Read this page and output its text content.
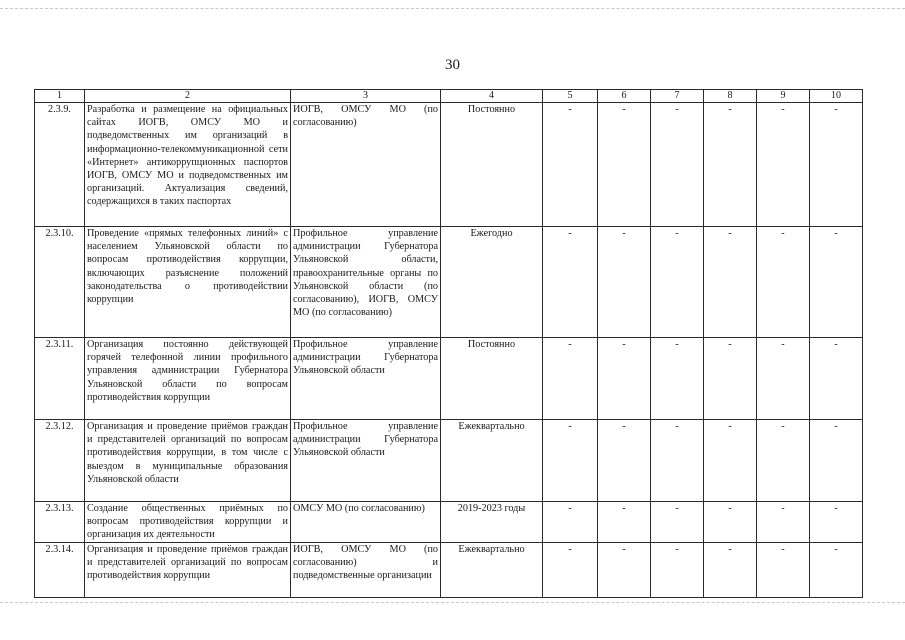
30
1	2	3	4	5	6	7	8	9	10
2.3.9.	Разработка и размещение на официальных сайтах ИОГВ, ОМСУ МО и подведомственных им организаций в информационно-телекоммуникационной сети «Интернет» антикоррупционных паспортов ИОГВ, ОМСУ МО и подведомственных им организаций. Актуализация сведений, содержащихся в таких паспортах	ИОГВ, ОМСУ МО (по согласованию)	Постоянно	-	-	-	-	-	-
2.3.10.	Проведение «прямых телефонных линий» с населением Ульяновской области по вопросам противодействия коррупции, включающих разъяснение положений законодательства о противодействии коррупции	Профильное управление администрации Губернатора Ульяновской области, правоохранительные органы по Ульяновской области (по согласованию), ИОГВ, ОМСУ МО (по согласованию)	Ежегодно	-	-	-	-	-	-
2.3.11.	Организация постоянно действующей горячей телефонной линии профильного управления администрации Губернатора Ульяновской области по вопросам противодействия коррупции	Профильное управление администрации Губернатора Ульяновской области	Постоянно	-	-	-	-	-	-
2.3.12.	Организация и проведение приёмов граждан и представителей организаций по вопросам противодействия коррупции, в том числе с выездом в муниципальные образования Ульяновской области	Профильное управление администрации Губернатора Ульяновской области	Ежеквартально	-	-	-	-	-	-
2.3.13.	Создание общественных приёмных по вопросам противодействия коррупции и организация их деятельности	ОМСУ МО (по согласованию)	2019-2023 годы	-	-	-	-	-	-
2.3.14.	Организация и проведение приёмов граждан и представителей организаций по вопросам противодействия коррупции	ИОГВ, ОМСУ МО (по согласованию) и подведомственные организации	Ежеквартально	-	-	-	-	-	-
